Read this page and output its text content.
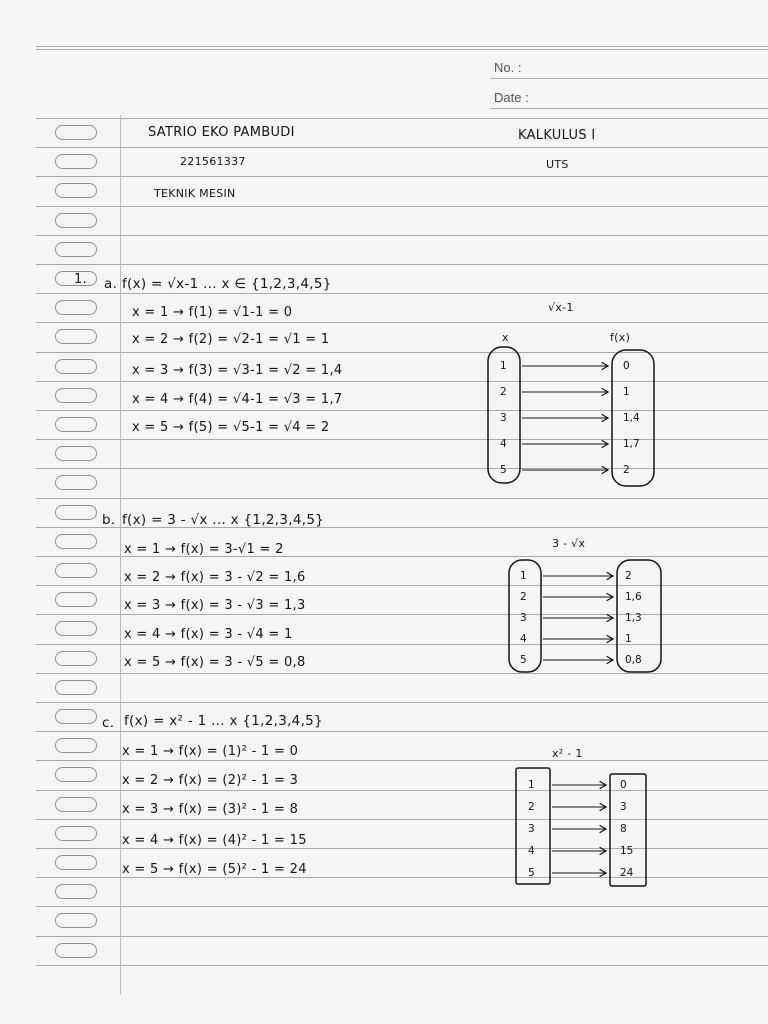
No. :
Date :
SATRIO EKO PAMBUDI
221561337
TEKNIK MESIN
KALKULUS I
UTS
1. a. f(x) = √x-1 ... x ∈ {1,2,3,4,5}
x = 1 → f(1) = √1-1 = 0
x = 2 → f(2) = √2-1 = √1 = 1
x = 3 → f(3) = √3-1 = √2 = 1,4
x = 4 → f(4) = √4-1 = √3 = 1,7
x = 5 → f(5) = √5-1 = √4 = 2
b. f(x) = 3 - √x ... x {1,2,3,4,5}
x = 1 → f(x) = 3-√1 = 2
x = 2 → f(x) = 3 - √2 = 1,6
x = 3 → f(x) = 3 - √3 = 1,3
x = 4 → f(x) = 3 - √4 = 1
x = 5 → f(x) = 3 - √5 = 0,8
c. f(x) = x² - 1 ... x {1,2,3,4,5}
x = 1 → f(x) = (1)² - 1 = 0
x = 2 → f(x) = (2)² - 1 = 3
x = 3 → f(x) = (3)² - 1 = 8
x = 4 → f(x) = (4)² - 1 = 15
x = 5 → f(x) = (5)² - 1 = 24
√x-1
x	f(x)
3 - √x
x² - 1
1	0
2	1
3	1,4
4	1,7
5	2
1	2
2	1,6
3	1,3
4	1
5	0,8
1	0
2	3
3	8
4	15
5	24
